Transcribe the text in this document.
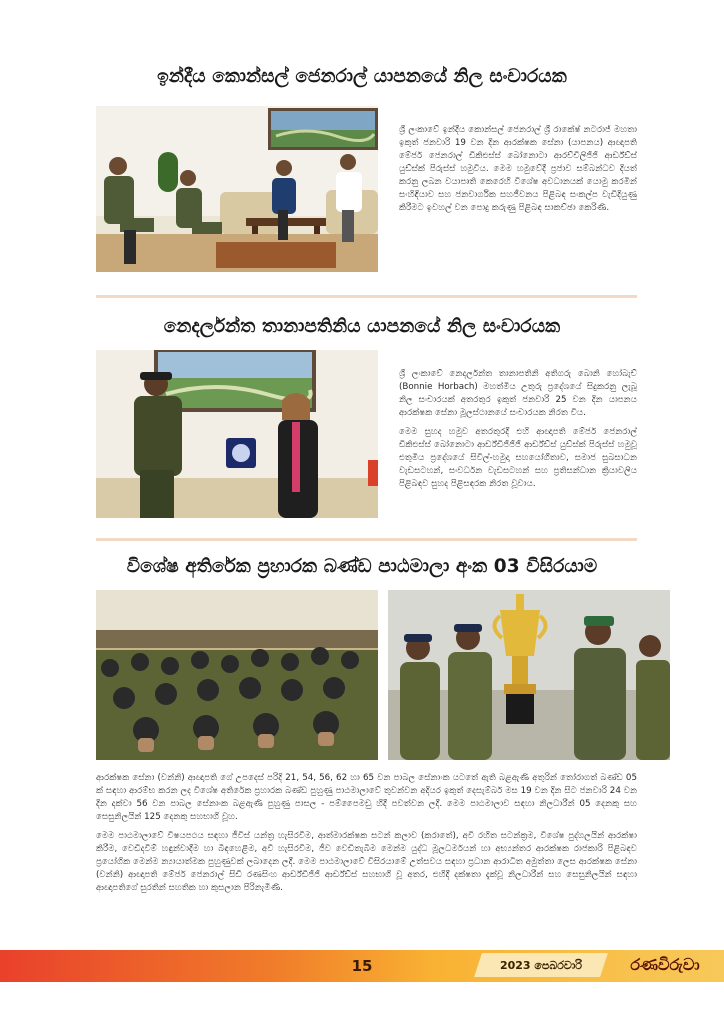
ඉන්දීය කොන්සල් ජෙනරාල් යාපනයේ නිල සංචාරයක

ශ්‍රී ලංකාවේ ඉන්දීය කොන්සල් ජෙනරාල් ශ්‍රී රාකේෂ් නටරාජ් මහතා ඉකුත් ජනවාරි 19 වන දින ආරක්ෂක සේනා (යාපනය) ආඥාපති මේජර් ජෙනරාල් ඩිකිළුස්ස් බෝනොටා ආරච්චිලිජිජි ආර්ඩ්ඩ්ස් යුඩ්ස්ක් පිරුස්ස් හමුවිය. මෙම හමුවේදී ප්‍රජාව සම්බන්ධව දියත් කරනු ලබන වයාපෘති කෙරෙහි විශේෂ අවධානයක් යොමු කරමින් සංහිඳියාව සහ ජනවාර්ගික සහජීවනය පිළිබඳ සංකල්ප වැඩිදියුණු කිරීමට ඉවහල් වන පොදු කරුණු පිළිබඳ සාකච්ඡා කෙරිණි.

නෙදර්ලන්ත තානාපතිනිය යාපනයේ නිල සංචාරයක

ශ්‍රී ලංකාවේ නෙදර්ලන්ත තානාපතිනි අතිගරු බොනි හෝබැච් (Bonnie Horbach) මහත්මිය උතුරු ප්‍රදේශයේ සිදුකරනු ලැබූ නිල සංචාරයක් අතරතුර ඉකුත් ජනවාරි 25 වන දින යාපනය ආරක්ෂක සේනා මූලස්ථානයේ සංචාරයක නිරත විය.

මෙම සුහද හමුව අතරතුරදී එහි ආඥාපති මේජර් ජෙනරාල් ඩිකිළුස්ස් බෝනොටා ආර්ඩ්ඩිජිජිජි ආර්ඩ්ඩ්ස් යුඩ්ස්ක් පිරුස්ස් හමුවූ එතුමිය ප්‍රදේශයේ සිවිල්-හමුදා සහයෝගීතාව, සමාජ සුබසාධන වැඩසටහන්, සංවර්ධන වැඩසටහන් සහ ප්‍රතිසන්ධාන ක්‍රියාවලිය පිළිබඳව සුහද පිළිසඳරක නිරත වූවාය.

විශේෂ අතිරේක ප්‍රහාරක බණ්ඩ පාඨමාලා අංක 03 විසිරයාම

ආරක්ෂක සේනා (වන්නි) ආඥාපති ගේ උපදෙස් පරිදි 21, 54, 56, 62 හා 65 වන පාබල සේනාංක යටතේ ඇති බළඇණි අතුරින් තෝරාගත් බණ්ඩ 05 ක් සඳහා ආරම්භ කරන ලද විශේෂ අතිරේක ප්‍රහාරක බණ්ඩ පුහුණු පාඨමාලාවේ තුවන්වන අදියර ඉකුත් දෙසැම්බර් මස 19 වන දින සිට ජනවාරි 24 වන දින දක්වා 56 වන පාබල සේනාංක බළඇණි පුහුණු පාසල - පම්පෛමඩු හිදී පවත්වන ලදී. මෙම පාඨමාලාව සඳහා නිලධාරීන් 05 දෙනකු සහ සෙසුනිලයින් 125 දෙනකු සහභාගි වූහ.

මෙම පාඨමාලාවේ විෂයපථය සඳහා ජීවිස් යන්ත්‍ර හැසිරවීම, ආත්මාරක්ෂක සටන් කලාව (කරාතේ), අවි රහිත සටන්ක්‍රම, විශේෂ පුද්ගලයින් ආරක්ෂා කිරීම, වෙඩිදවීම් හඳුන්වාදීම හා බිඳහෙළීම, අවි හැසිරවීම, ජීව වෙඩිතැබීම මෙන්ම යුද්ධ මූලධර්මයන් හා අභ්‍යන්තර ආරක්ෂක රාජකාරි පිළිබඳව ප්‍රයෝගික මෙන්ම න්‍යායාත්මක පුහුණුවක් ලබාදෙන ලදී. මෙම පාඨමාලාවේ විසිරයාමේ උත්සවය සඳහා ප්‍රධාන ආරාධිත අමුත්තා ලෙස ආරක්ෂක සේනා (වන්නි) ආඥාපති මේජර් ජෙනරාල් සිඩී රණසිංහ ආර්ඩ්ඩිජිජි ආර්ඩ්ඩ්ස් සහභාගි වූ අතර, එහිදී දක්ෂතා දැක්වූ නිලධාරීන් සහ සෙසුනිලයින් සඳහා ආඥාපතිගේ සුරතින් සහතික හා කුසලාන පිරිනැමිණි.

2023 පෙබරවාරි
15	රණවිරුවා
